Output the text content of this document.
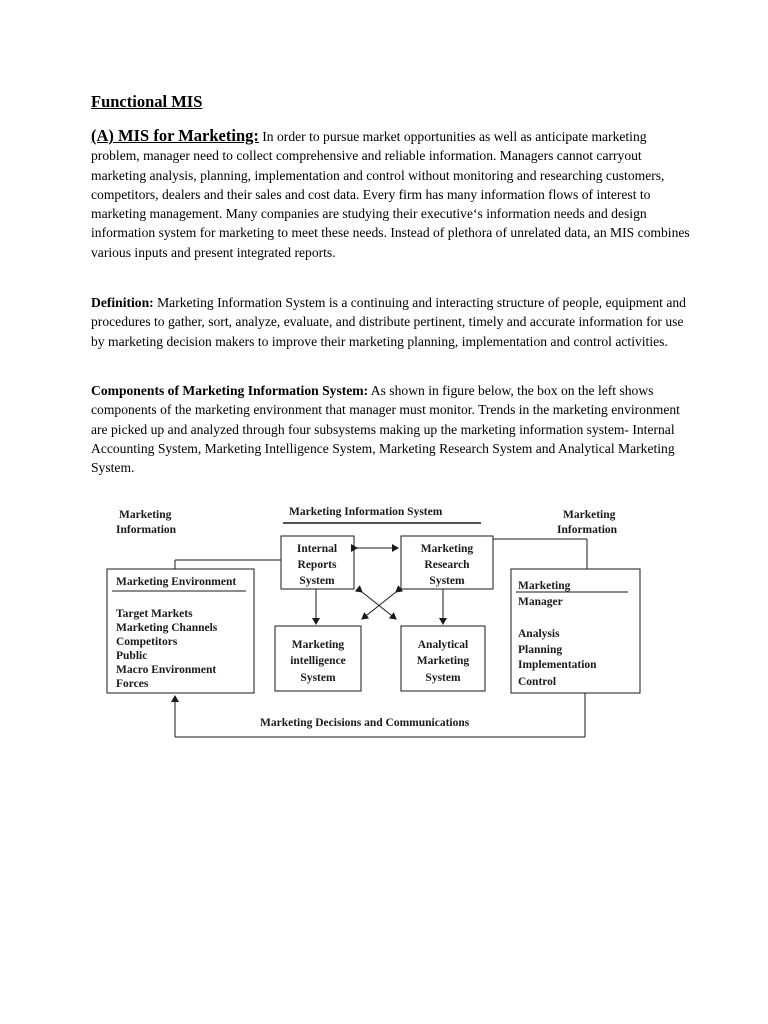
Functional MIS

(A) MIS for Marketing: In order to pursue market opportunities as well as anticipate marketing problem, manager need to collect comprehensive and reliable information. Managers cannot carryout marketing analysis, planning, implementation and control without monitoring and researching customers, competitors, dealers and their sales and cost data. Every firm has many information flows of interest to marketing management. Many companies are studying their executive‘s information needs and design information system for marketing to meet these needs. Instead of plethora of unrelated data, an MIS combines various inputs and present integrated reports.

Definition: Marketing Information System is a continuing and interacting structure of people, equipment and procedures to gather, sort, analyze, evaluate, and distribute pertinent, timely and accurate information for use by marketing decision makers to improve their marketing planning, implementation and control activities.

Components of Marketing Information System: As shown in figure below, the box on the left shows components of the marketing environment that manager must monitor. Trends in the marketing environment are picked up and analyzed through four subsystems making up the marketing information system- Internal Accounting System, Marketing Intelligence System, Marketing Research System and Analytical Marketing System.

Marketing
Information
Marketing Information System	Marketing
Information
Internal
Reports
System
Marketing
Research
System
Marketing Environment
Target Markets
Marketing Channels
Competitors
Public
Macro Environment
Forces
Marketing
intelligence
System
Analytical
Marketing
System
Marketing
Manager
Analysis
Planning
Implementation
Control
Marketing Decisions and Communications
